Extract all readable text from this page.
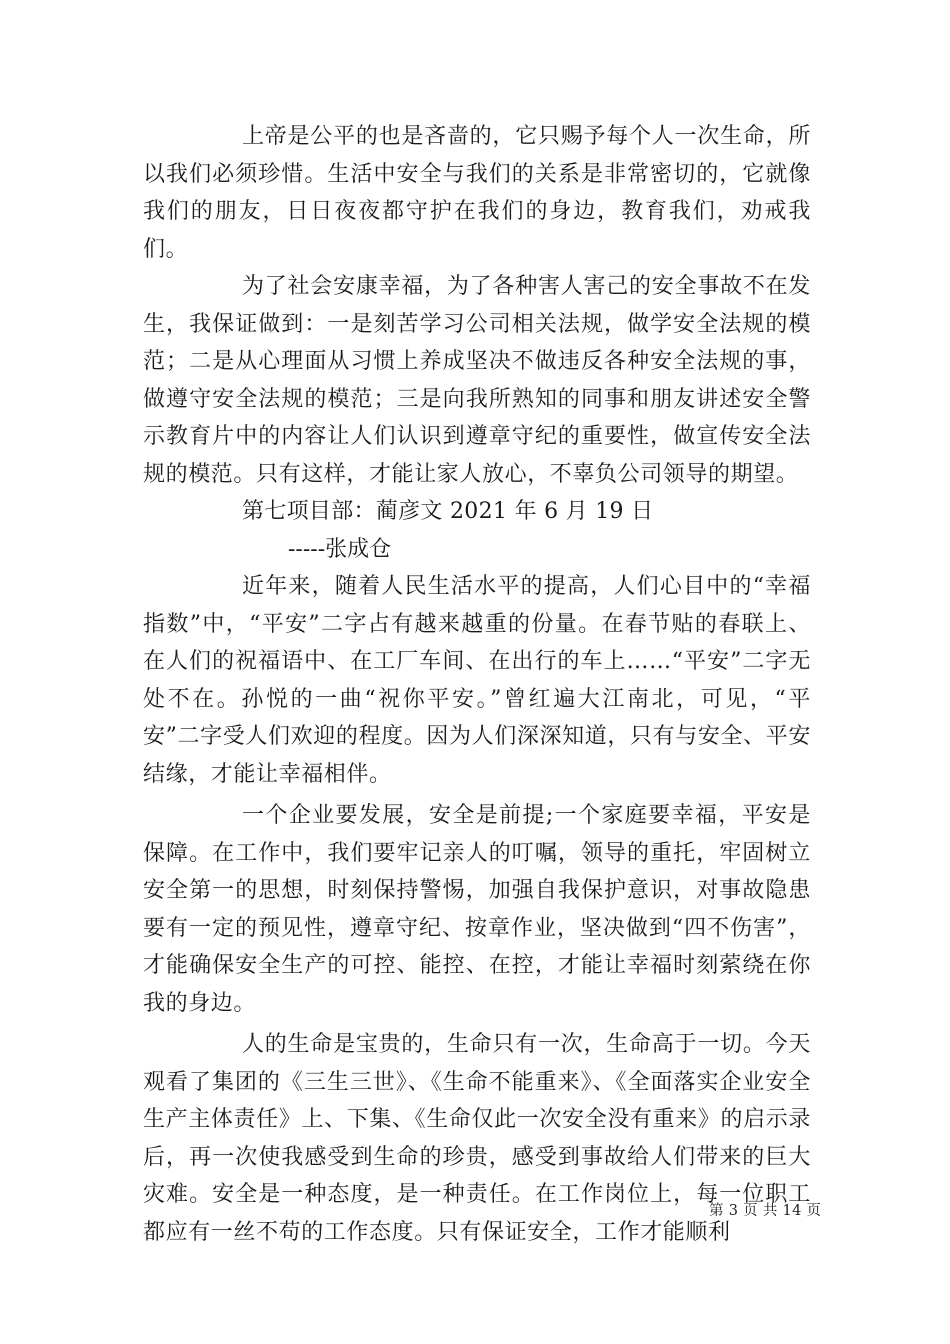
上帝是公平的也是吝啬的，它只赐予每个人一次生命，所以我们必须珍惜。生活中安全与我们的关系是非常密切的，它就像我们的朋友，日日夜夜都守护在我们的身边，教育我们，劝戒我们。

为了社会安康幸福，为了各种害人害己的安全事故不在发生，我保证做到：一是刻苦学习公司相关法规，做学安全法规的模范；二是从心理面从习惯上养成坚决不做违反各种安全法规的事，做遵守安全法规的模范；三是向我所熟知的同事和朋友讲述安全警示教育片中的内容让人们认识到遵章守纪的重要性，做宣传安全法规的模范。只有这样，才能让家人放心，不辜负公司领导的期望。

第七项目部：蔺彦文 2021 年 6 月 19 日

-----张成仓

近年来，随着人民生活水平的提高，人们心目中的“幸福指数”中，“平安”二字占有越来越重的份量。在春节贴的春联上、在人们的祝福语中、在工厂车间、在出行的车上……“平安”二字无处不在。孙悦的一曲“祝你平安。”曾红遍大江南北，可见，“平安”二字受人们欢迎的程度。因为人们深深知道，只有与安全、平安结缘，才能让幸福相伴。

一个企业要发展，安全是前提;一个家庭要幸福，平安是保障。在工作中，我们要牢记亲人的叮嘱，领导的重托，牢固树立安全第一的思想，时刻保持警惕，加强自我保护意识，对事故隐患要有一定的预见性，遵章守纪、按章作业，坚决做到“四不伤害”，才能确保安全生产的可控、能控、在控，才能让幸福时刻萦绕在你我的身边。

人的生命是宝贵的，生命只有一次，生命高于一切。今天观看了集团的《三生三世》、《生命不能重来》、《全面落实企业安全生产主体责任》上、下集、《生命仅此一次安全没有重来》的启示录后，再一次使我感受到生命的珍贵，感受到事故给人们带来的巨大灾难。安全是一种态度，是一种责任。在工作岗位上，每一位职工都应有一丝不苟的工作态度。只有保证安全，工作才能顺利

第 3 页 共 14 页
